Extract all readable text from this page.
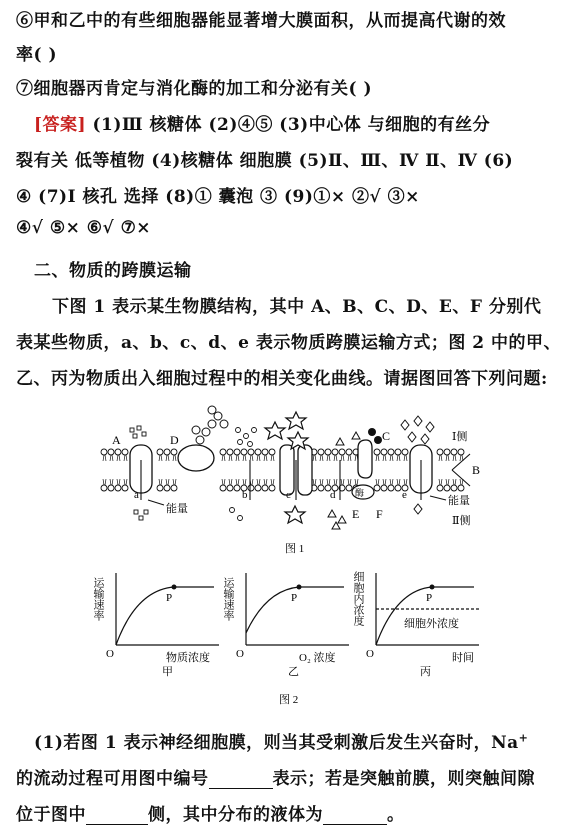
⑥甲和乙中的有些细胞器能显著增大膜面积，从而提高代谢的效
率( )
⑦细胞器丙肯定与消化酶的加工和分泌有关( )
[答案] (1)Ⅲ 核糖体 (2)④⑤ (3)中心体 与细胞的有丝分
裂有关 低等植物 (4)核糖体 细胞膜 (5)Ⅱ、Ⅲ、Ⅳ Ⅱ、Ⅳ (6)
④ (7)Ⅰ 核孔 选择 (8)① 囊泡 ③ (9)①× ②√ ③×
④√ ⑤× ⑥√ ⑦×
二、物质的跨膜运输
下图 1 表示某生物膜结构，其中 A、B、C、D、E、F 分别代
表某些物质，a、b、c、d、e 表示物质跨膜运输方式；图 2 中的甲、
乙、丙为物质出入细胞过程中的相关变化曲线。请据图回答下列问题:
酶
A	D	C
B
E F
a	b	c	d	e
能量
能量
Ⅰ侧
Ⅱ侧
图 1
运输速率	P
O	物质浓度
甲
运输速率	P
O	O₂ 浓度
乙
细胞内浓度	P
细胞外浓度
O	时间
丙
图 2
(1)若图 1 表示神经细胞膜，则当其受刺激后发生兴奋时，Na+
的流动过程可用图中编号	表示；若是突触前膜，则突触间隙
位于图中	侧，其中分布的液体为	。
